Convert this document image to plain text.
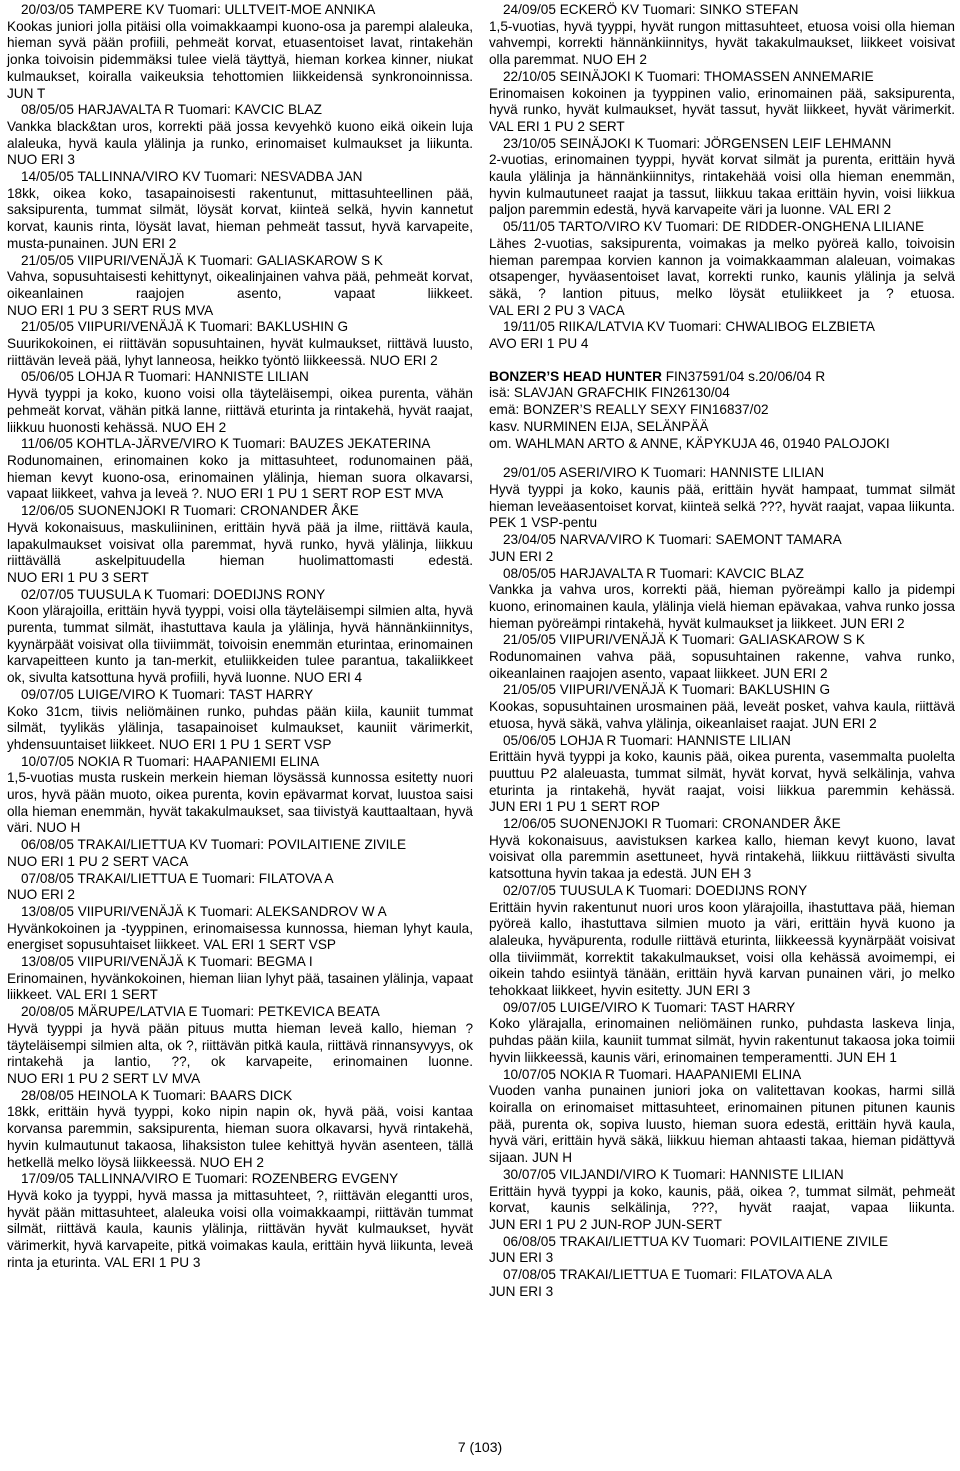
20/03/05 TAMPERE KV Tuomari: ULLTVEIT-MOE ANNIKA
Kookas juniori jolla pitäisi olla voimakkaampi kuono-osa ja parempi alaleuka, hieman syvä pään profiili, pehmeät korvat, etuasentoiset lavat, rintakehän jonka toivoisin pidemmäksi tulee vielä täyttyä, hieman korkea kinner, niukat kulmaukset, koiralla vaikeuksia tehottomien liikkeidensä synkronoinnissa. JUN T
08/05/05 HARJAVALTA R Tuomari: KAVCIC BLAZ
Vankka black&tan uros, korrekti pää jossa kevyehkö kuono eikä oikein luja alaleuka, hyvä kaula ylälinja ja runko, erinomaiset kulmaukset ja liikunta. NUO ERI 3
14/05/05 TALLINNA/VIRO KV Tuomari: NESVADBA JAN
18kk, oikea koko, tasapainoisesti rakentunut, mittasuhteellinen pää, saksipurenta, tummat silmät, löysät korvat, kiinteä selkä, hyvin kannetut korvat, kaunis rinta, löysät lavat, hieman pehmeät tassut, hyvä karvapeite, musta-punainen. JUN ERI 2
21/05/05 VIIPURI/VENÄJÄ K Tuomari: GALIASKAROW S K
Vahva, sopusuhtaisesti kehittynyt, oikealinjainen vahva pää, pehmeät korvat, oikeanlainen raajojen asento, vapaat liikkeet. NUO ERI 1 PU 3 SERT RUS MVA
21/05/05 VIIPURI/VENÄJÄ K Tuomari: BAKLUSHIN G
Suurikokoinen, ei riittävän sopusuhtainen, hyvät kulmaukset, riittävä luusto, riittävän leveä pää, lyhyt lanneosa, heikko työntö liikkeessä. NUO ERI 2
05/06/05 LOHJA R Tuomari: HANNISTE LILIAN
Hyvä tyyppi ja koko, kuono voisi olla täyteläisempi, oikea purenta, vähän pehmeät korvat, vähän pitkä lanne, riittävä eturinta ja rintakehä, hyvät raajat, liikkuu huonosti kehässä. NUO EH 2
11/06/05 KOHTLA-JÄRVE/VIRO K Tuomari: BAUZES JEKATERINA
Rodunomainen, erinomainen koko ja mittasuhteet, rodunomainen pää, hieman kevyt kuono-osa, erinomainen ylälinja, hieman suora olkavarsi, vapaat liikkeet, vahva ja leveä ?. NUO ERI 1 PU 1 SERT ROP EST MVA
12/06/05 SUONENJOKI R Tuomari: CRONANDER ÅKE
Hyvä kokonaisuus, maskuliininen, erittäin hyvä pää ja ilme, riittävä kaula, lapakulmaukset voisivat olla paremmat, hyvä runko, hyvä ylälinja, liikkuu riittävällä askelpituudella hieman huolimattomasti edestä. NUO ERI 1 PU 3 SERT
02/07/05 TUUSULA K Tuomari: DOEDIJNS RONY
Koon ylärajoilla, erittäin hyvä tyyppi, voisi olla täyteläisempi silmien alta, hyvä purenta, tummat silmät, ihastuttava kaula ja ylälinja, hyvä hännänkiinnitys, kyynärpäät voisivat olla tiiviimmät, toivoisin enemmän eturintaa, erinomainen karvapeitteen kunto ja tan-merkit, etuliikkeiden tulee parantua, takaliikkeet ok, sivulta katsottuna hyvä profiili, hyvä luonne. NUO ERI 4
09/07/05 LUIGE/VIRO K Tuomari: TAST HARRY
Koko 31cm, tiivis neliömäinen runko, puhdas pään kiila, kauniit tummat silmät, tyylikäs ylälinja, tasapainoiset kulmaukset, kauniit värimerkit, yhdensuuntaiset liikkeet. NUO ERI 1 PU 1 SERT VSP
10/07/05 NOKIA R Tuomari: HAAPANIEMI ELINA
1,5-vuotias musta ruskein merkein hieman löysässä kunnossa esitetty nuori uros, hyvä pään muoto, oikea purenta, kovin epävarmat korvat, luustoa saisi olla hieman enemmän, hyvät takakulmaukset, saa tiivistyä kauttaaltaan, hyvä väri. NUO H
06/08/05 TRAKAI/LIETTUA KV Tuomari: POVILAITIENE ZIVILE
NUO ERI 1 PU 2 SERT VACA
07/08/05 TRAKAI/LIETTUA E Tuomari: FILATOVA A
NUO ERI 2
13/08/05 VIIPURI/VENÄJÄ K Tuomari: ALEKSANDROV W A
Hyvänkokoinen ja -tyyppinen, erinomaisessa kunnossa, hieman lyhyt kaula, energiset sopusuhtaiset liikkeet. VAL ERI 1 SERT VSP
13/08/05 VIIPURI/VENÄJÄ K Tuomari: BEGMA I
Erinomainen, hyvänkokoinen, hieman liian lyhyt pää, tasainen ylälinja, vapaat liikkeet. VAL ERI 1 SERT
20/08/05 MÄRUPE/LATVIA E Tuomari: PETKEVICA BEATA
Hyvä tyyppi ja hyvä pään pituus mutta hieman leveä kallo, hieman ? täyteläisempi silmien alta, ok ?, riittävän pitkä kaula, riittävä rinnansyvyys, ok rintakehä ja lantio, ??, ok karvapeite, erinomainen luonne. NUO ERI 1 PU 2 SERT LV MVA
28/08/05 HEINOLA K Tuomari: BAARS DICK
18kk, erittäin hyvä tyyppi, koko nipin napin ok, hyvä pää, voisi kantaa korvansa paremmin, saksipurenta, hieman suora olkavarsi, hyvä rintakehä, hyvin kulmautunut takaosa, lihaksiston tulee kehittyä hyvän asenteen, tällä hetkellä melko löysä liikkeessä. NUO EH 2
17/09/05 TALLINNA/VIRO E Tuomari: ROZENBERG EVGENY
Hyvä koko ja tyyppi, hyvä massa ja mittasuhteet, ?, riittävän elegantti uros, hyvät pään mittasuhteet, alaleuka voisi olla voimakkaampi, riittävän tummat silmät, riittävä kaula, kaunis ylälinja, riittävän hyvät kulmaukset, hyvät värimerkit, hyvä karvapeite, pitkä voimakas kaula, erittäin hyvä liikunta, leveä rinta ja eturinta. VAL ERI 1 PU 3
24/09/05 ECKERÖ KV Tuomari: SINKO STEFAN
1,5-vuotias, hyvä tyyppi, hyvät rungon mittasuhteet, etuosa voisi olla hieman vahvempi, korrekti hännänkiinnitys, hyvät takakulmaukset, liikkeet voisivat olla paremmat. NUO EH 2
22/10/05 SEINÄJOKI K Tuomari: THOMASSEN ANNEMARIE
Erinomaisen kokoinen ja tyyppinen valio, erinomainen pää, saksipurenta, hyvä runko, hyvät kulmaukset, hyvät tassut, hyvät liikkeet, hyvät värimerkit. VAL ERI 1 PU 2 SERT
23/10/05 SEINÄJOKI K Tuomari: JÖRGENSEN LEIF LEHMANN
2-vuotias, erinomainen tyyppi, hyvät korvat silmät ja purenta, erittäin hyvä kaula ylälinja ja hännänkiinnitys, rintakehää voisi olla hieman enemmän, hyvin kulmautuneet raajat ja tassut, liikkuu takaa erittäin hyvin, voisi liikkua paljon paremmin edestä, hyvä karvapeite väri ja luonne. VAL ERI 2
05/11/05 TARTO/VIRO KV Tuomari: DE RIDDER-ONGHENA LILIANE
Lähes 2-vuotias, saksipurenta, voimakas ja melko pyöreä kallo, toivoisin hieman parempaa korvien kannon ja voimakkaamman alaleuan, voimakas otsapenger, hyväasentoiset lavat, korrekti runko, kaunis ylälinja ja selvä säkä, ? lantion pituus, melko löysät etuliikkeet ja ? etuosa. VAL ERI 2 PU 3 VACA
19/11/05 RIIKA/LATVIA KV Tuomari: CHWALIBOG ELZBIETA
AVO ERI 1 PU 4
BONZER’S HEAD HUNTER FIN37591/04 s.20/06/04 R
isä: SLAVJAN GRAFCHIK FIN26130/04
emä: BONZER’S REALLY SEXY FIN16837/02
kasv. NURMINEN EIJA, SELÄNPÄÄ
om. WAHLMAN ARTO & ANNE, KÄPYKUJA 46, 01940 PALOJOKI
29/01/05 ASERI/VIRO K Tuomari: HANNISTE LILIAN
Hyvä tyyppi ja koko, kaunis pää, erittäin hyvät hampaat, tummat silmät hieman leveäasentoiset korvat, kiinteä selkä ???, hyvät raajat, vapaa liikunta. PEK 1 VSP-pentu
23/04/05 NARVA/VIRO K Tuomari: SAEMONT TAMARA
JUN ERI 2
08/05/05 HARJAVALTA R Tuomari: KAVCIC BLAZ
Vankka ja vahva uros, korrekti pää, hieman pyöreämpi kallo ja pidempi kuono, erinomainen kaula, ylälinja vielä hieman epävakaa, vahva runko jossa hieman pyöreämpi rintakehä, hyvät kulmaukset ja liikkeet. JUN ERI 2
21/05/05 VIIPURI/VENÄJÄ K Tuomari: GALIASKAROW S K
Rodunomainen vahva pää, sopusuhtainen rakenne, vahva runko, oikeanlainen raajojen asento, vapaat liikkeet. JUN ERI 2
21/05/05 VIIPURI/VENÄJÄ K Tuomari: BAKLUSHIN G
Kookas, sopusuhtainen urosmainen pää, leveät posket, vahva kaula, riittävä etuosa, hyvä säkä, vahva ylälinja, oikeanlaiset raajat. JUN ERI 2
05/06/05 LOHJA R Tuomari: HANNISTE LILIAN
Erittäin hyvä tyyppi ja koko, kaunis pää, oikea purenta, vasemmalta puolelta puuttuu P2 alaleuasta, tummat silmät, hyvät korvat, hyvä selkälinja, vahva eturinta ja rintakehä, hyvät raajat, voisi liikkua paremmin kehässä. JUN ERI 1 PU 1 SERT ROP
12/06/05 SUONENJOKI R Tuomari: CRONANDER ÅKE
Hyvä kokonaisuus, aavistuksen karkea kallo, hieman kevyt kuono, lavat voisivat olla paremmin asettuneet, hyvä rintakehä, liikkuu riittävästi sivulta katsottuna hyvin takaa ja edestä. JUN EH 3
02/07/05 TUUSULA K Tuomari: DOEDIJNS RONY
Erittäin hyvin rakentunut nuori uros koon ylärajoilla, ihastuttava pää, hieman pyöreä kallo, ihastuttava silmien muoto ja väri, erittäin hyvä kuono ja alaleuka, hyväpurenta, rodulle riittävä eturinta, liikkeessä kyynärpäät voisivat olla tiiviimmät, korrektit takakulmaukset, voisi olla kehässä avoimempi, ei oikein tahdo esiintyä tänään, erittäin hyvä karvan punainen väri, jo melko tehokkaat liikkeet, hyvin esitetty. JUN ERI 3
09/07/05 LUIGE/VIRO K Tuomari: TAST HARRY
Koko ylärajalla, erinomainen neliömäinen runko, puhdasta laskeva linja, puhdas pään kiila, kauniit tummat silmät, hyvin rakentunut takaosa joka toimii hyvin liikkeessä, kaunis väri, erinomainen temperamentti. JUN EH 1
10/07/05 NOKIA R Tuomari. HAAPANIEMI ELINA
Vuoden vanha punainen juniori joka on valitettavan kookas, harmi sillä koiralla on erinomaiset mittasuhteet, erinomainen pitunen pitunen kaunis pää, purenta ok, sopiva luusto, hieman suora edestä, erittäin hyvä kaula, hyvä väri, erittäin hyvä säkä, liikkuu hieman ahtaasti takaa, hieman pidättyvä sijaan. JUN H
30/07/05 VILJANDI/VIRO K Tuomari: HANNISTE LILIAN
Erittäin hyvä tyyppi ja koko, kaunis, pää, oikea ?, tummat silmät, pehmeät korvat, kaunis selkälinja, ???, hyvät raajat, vapaa liikunta. JUN ERI 1 PU 2 JUN-ROP JUN-SERT
06/08/05 TRAKAI/LIETTUA KV Tuomari: POVILAITIENE ZIVILE
JUN ERI 3
07/08/05 TRAKAI/LIETTUA E Tuomari: FILATOVA ALA
JUN ERI 3
7 (103)
